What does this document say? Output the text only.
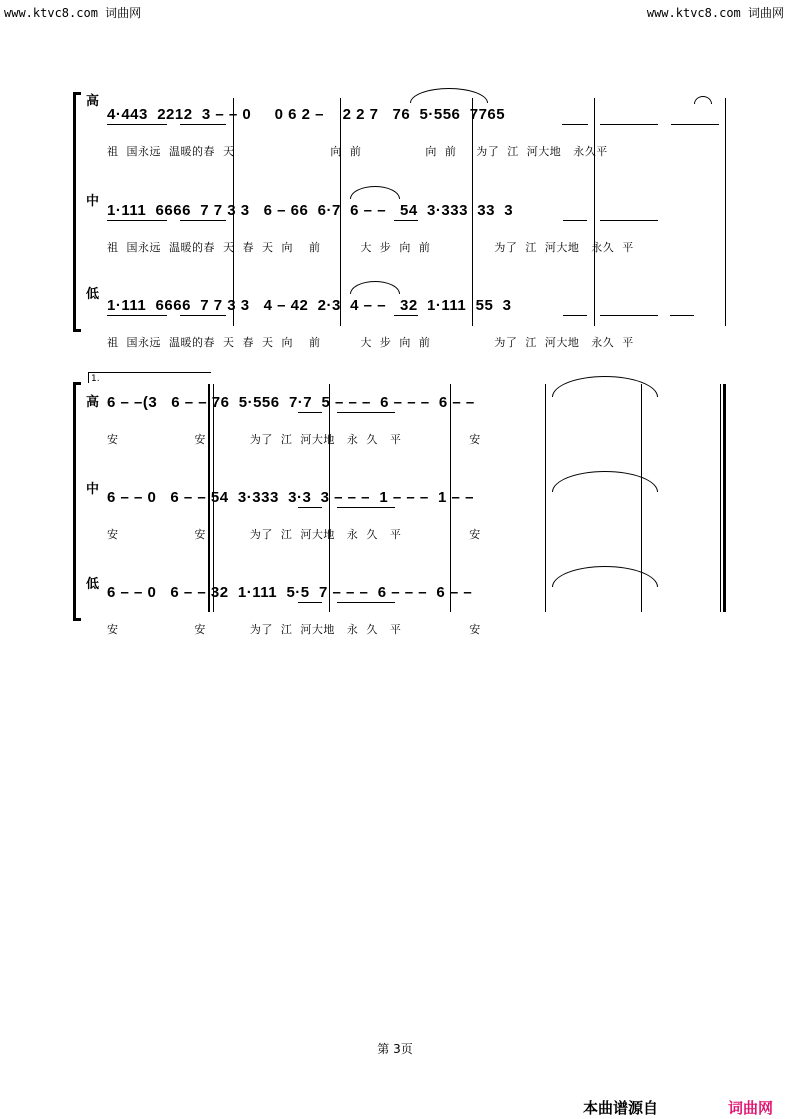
www.ktvc8.com 词曲网	www.ktvc8.com 词曲网
高
中
低
4·443  2212  3 – – 0     0 6 2 –    2 2 7   76  5·556  7765
祖  国永远  温暖的春  天                        向  前                向  前     为了  江  河大地   永久平
1·111  6666  7 7 3 3   6 – 66  6·7  6 – –   54  3·333  33  3
祖  国永远  温暖的春  天  春  天  向    前          大  步  向  前                为了  江  河大地   永久  平
1·111  6666  7 7 3 3   4 – 42  2·3  4 – –   32  1·111  55  3
祖  国永远  温暖的春  天  春  天  向    前          大  步  向  前                为了  江  河大地   永久  平
1.
高
中
低
6 – –(3   6 – – 76  5·556  7·7  5 – – –  6 – – –  6 – –
安                   安           为了  江  河大地   永  久   平                 安
6 – – 0   6 – – 54  3·333  3·3  3 – – –  1 – – –  1 – –
安                   安           为了  江  河大地   永  久   平                 安
6 – – 0   6 – – 32  1·111  5·5  7 – – –  6 – – –  6 – –
安                   安           为了  江  河大地   永  久   平                 安
第 3页
本曲谱源自	词曲网
